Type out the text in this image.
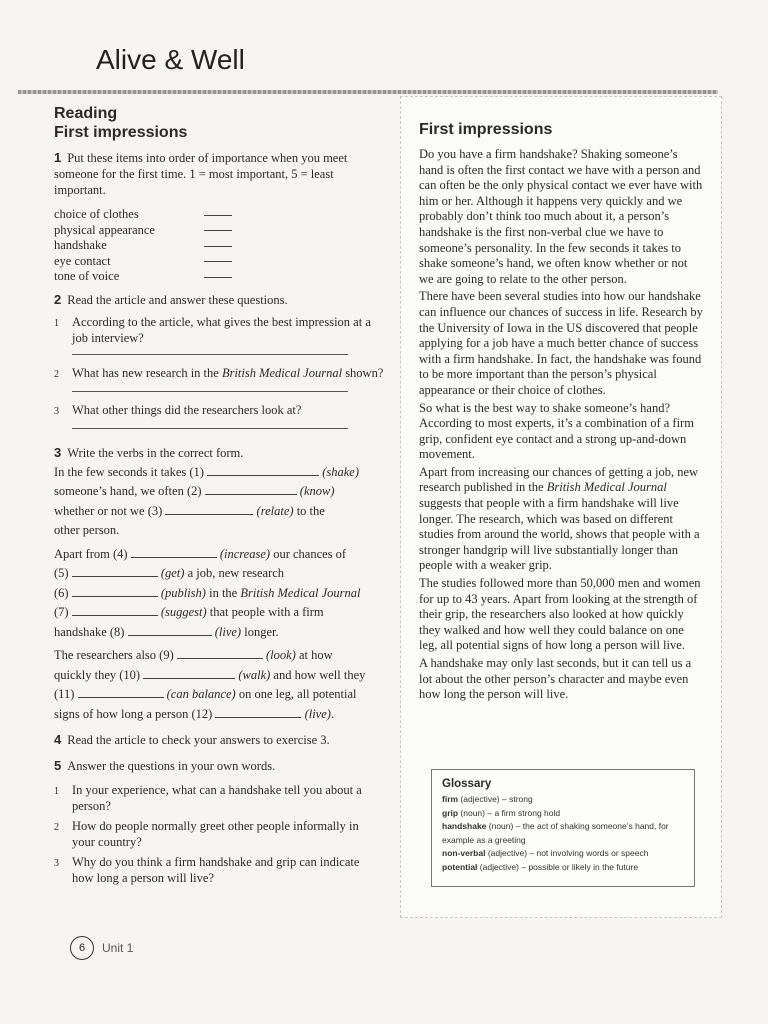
Alive & Well
Reading
First impressions
1 Put these items into order of importance when you meet someone for the first time. 1 = most important, 5 = least important.
choice of clothes
physical appearance
handshake
eye contact
tone of voice
2 Read the article and answer these questions.
1	According to the article, what gives the best impression at a job interview?
2	What has new research in the British Medical Journal shown?
3	What other things did the researchers look at?
3 Write the verbs in the correct form.

In the few seconds it takes (1)	(shake)

someone’s hand, we often (2)	(know)

whether or not we (3)	(relate) to the

other person.

Apart from (4)	(increase) our chances of

(5)	(get) a job, new research

(6)	(publish) in the British Medical Journal

(7)	(suggest) that people with a firm

handshake (8)	(live) longer.

The researchers also (9)	(look) at how

quickly they (10)	(walk) and how well they

(11)	(can balance) on one leg, all potential

signs of how long a person (12)	(live).

4 Read the article to check your answers to exercise 3.
5 Answer the questions in your own words.
1	In your experience, what can a handshake tell you about a person?
2	How do people normally greet other people informally in your country?
3	Why do you think a firm handshake and grip can indicate how long a person will live?
First impressions

Do you have a firm handshake? Shaking someone’s hand is often the first contact we have with a person and can often be the only physical contact we ever have with him or her. Although it happens very quickly and we probably don’t think too much about it, a person’s handshake is the first non-verbal clue we have to someone’s personality. In the few seconds it takes to shake someone’s hand, we often know whether or not we are going to relate to the other person.

There have been several studies into how our handshake can influence our chances of success in life. Research by the University of Iowa in the US discovered that people applying for a job have a much better chance of success with a firm handshake. In fact, the handshake was found to be more important than the person’s physical appearance or their choice of clothes.

So what is the best way to shake someone’s hand? According to most experts, it’s a combination of a firm grip, confident eye contact and a strong up-and-down movement.

Apart from increasing our chances of getting a job, new research published in the British Medical Journal suggests that people with a firm handshake will live longer. The research, which was based on different studies from around the world, shows that people with a stronger handgrip will live substantially longer than people with a weaker grip.

The studies followed more than 50,000 men and women for up to 43 years. Apart from looking at the strength of their grip, the researchers also looked at how quickly they walked and how well they could balance on one leg, all potential signs of how long a person will live.

A handshake may only last seconds, but it can tell us a lot about the other person’s character and maybe even how long the person will live.

Glossary
firm (adjective) – strong
grip (noun) – a firm strong hold
handshake (noun) – the act of shaking someone’s hand, for example as a greeting
non-verbal (adjective) – not involving words or speech
potential (adjective) – possible or likely in the future
6	Unit 1
